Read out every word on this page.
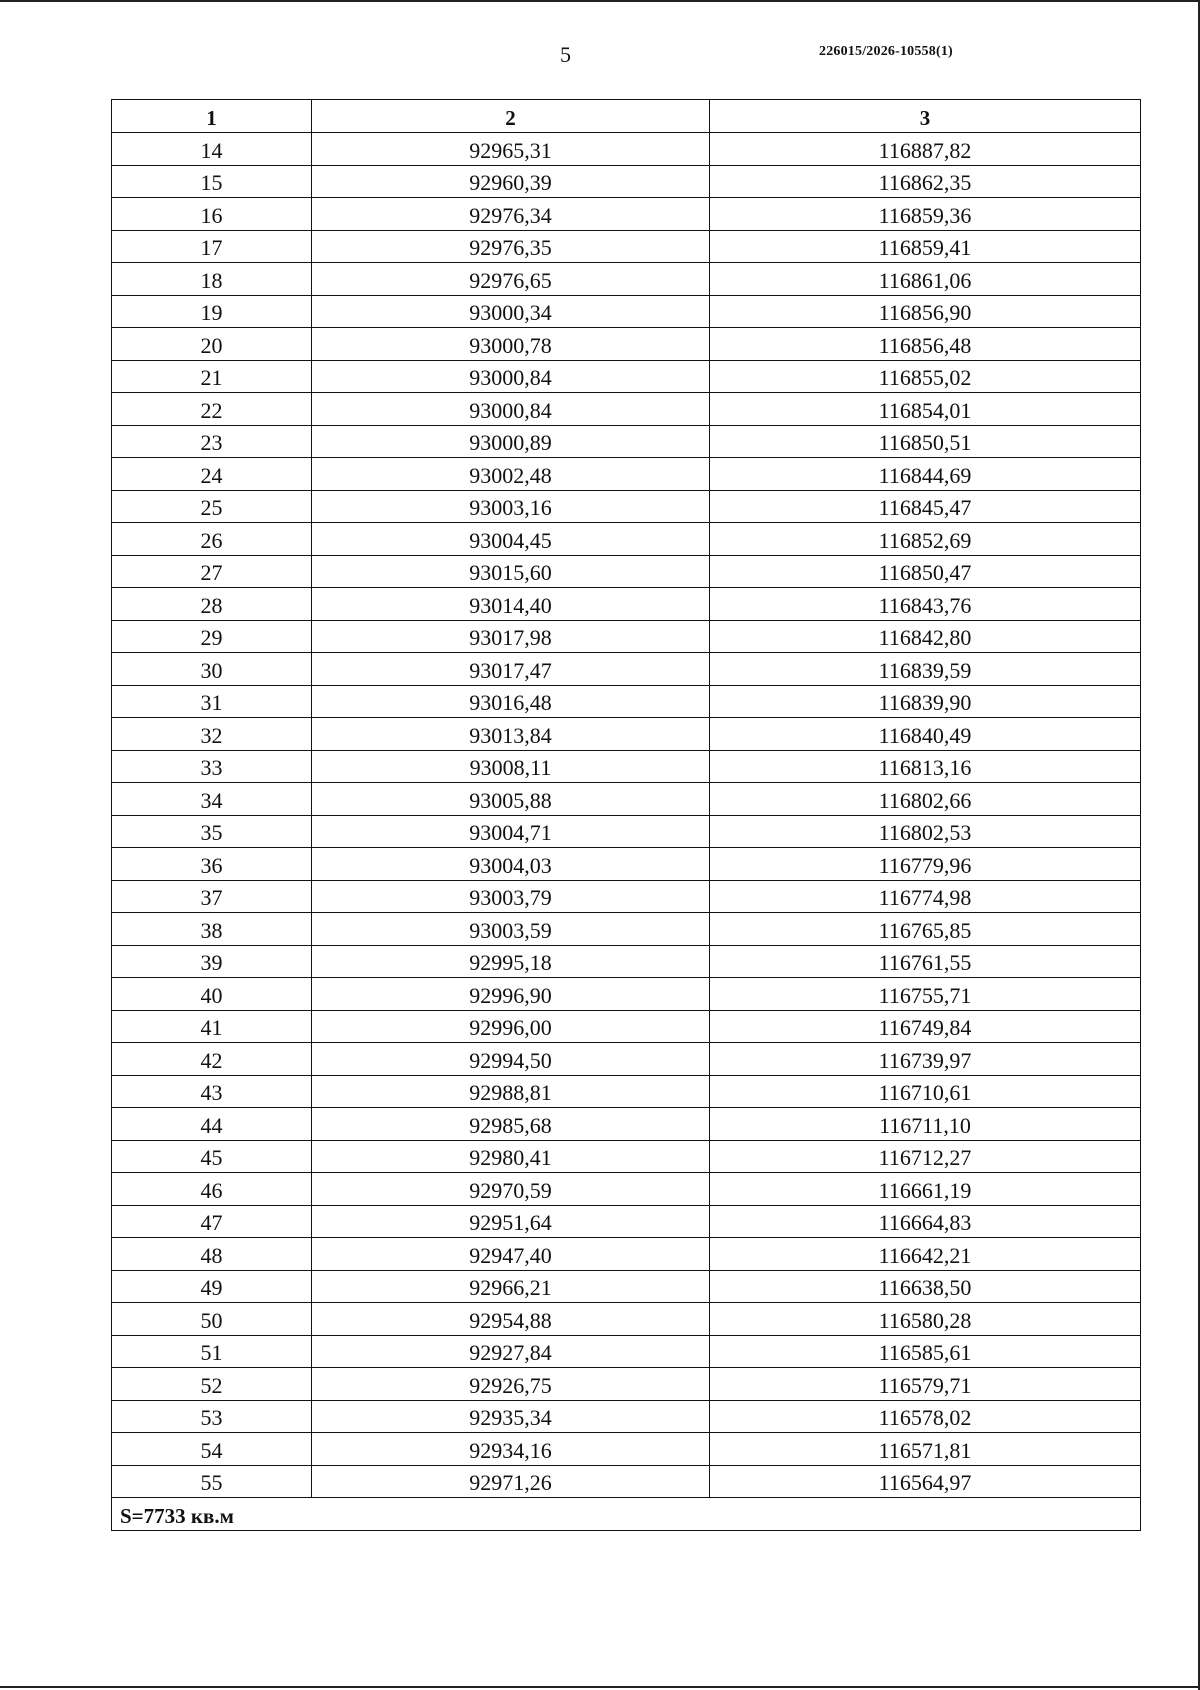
5	226015/2026-10558(1)
1	2	3
14	92965,31	116887,82
15	92960,39	116862,35
16	92976,34	116859,36
17	92976,35	116859,41
18	92976,65	116861,06
19	93000,34	116856,90
20	93000,78	116856,48
21	93000,84	116855,02
22	93000,84	116854,01
23	93000,89	116850,51
24	93002,48	116844,69
25	93003,16	116845,47
26	93004,45	116852,69
27	93015,60	116850,47
28	93014,40	116843,76
29	93017,98	116842,80
30	93017,47	116839,59
31	93016,48	116839,90
32	93013,84	116840,49
33	93008,11	116813,16
34	93005,88	116802,66
35	93004,71	116802,53
36	93004,03	116779,96
37	93003,79	116774,98
38	93003,59	116765,85
39	92995,18	116761,55
40	92996,90	116755,71
41	92996,00	116749,84
42	92994,50	116739,97
43	92988,81	116710,61
44	92985,68	116711,10
45	92980,41	116712,27
46	92970,59	116661,19
47	92951,64	116664,83
48	92947,40	116642,21
49	92966,21	116638,50
50	92954,88	116580,28
51	92927,84	116585,61
52	92926,75	116579,71
53	92935,34	116578,02
54	92934,16	116571,81
55	92971,26	116564,97
S=7733 кв.м		
